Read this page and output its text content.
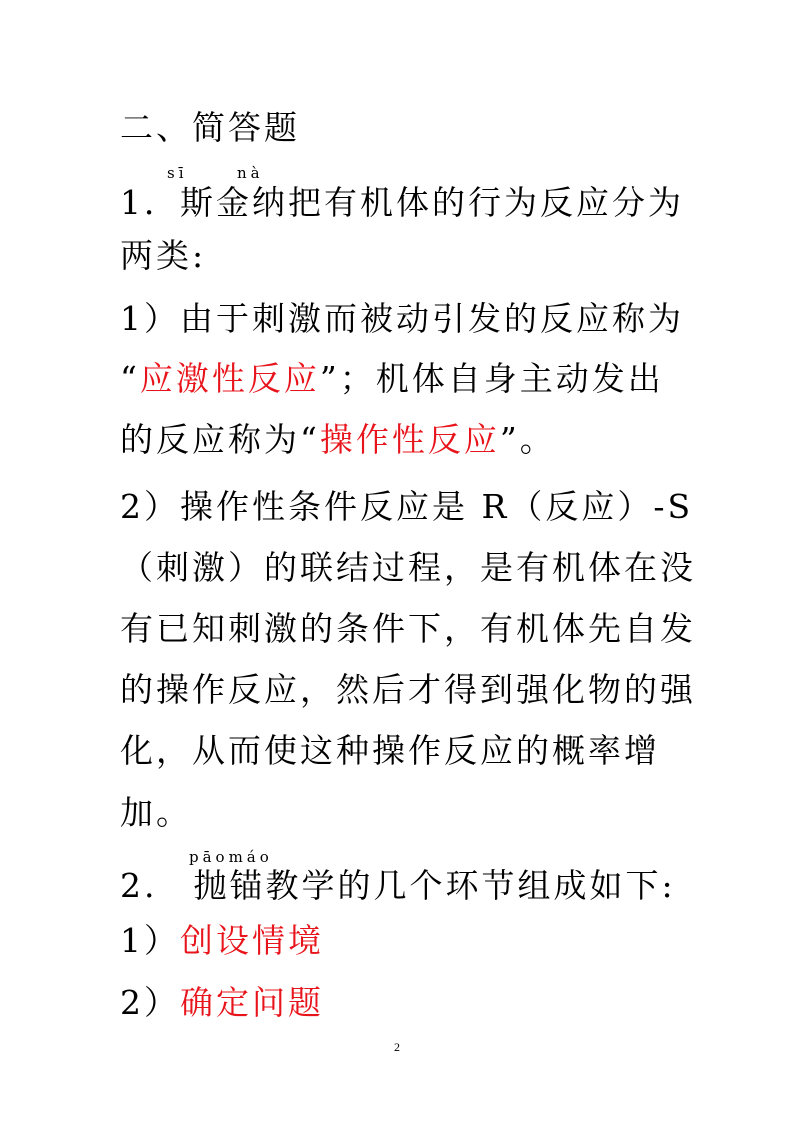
二、简答题

sī	nà

1．斯金纳把有机体的行为反应分为

两类:

1）由于刺激而被动引发的反应称为

“应激性反应”；机体自身主动发出

的反应称为“操作性反应”。

2）操作性条件反应是 R（反应）-S

（刺激）的联结过程，是有机体在没

有已知刺激的条件下，有机体先自发

的操作反应，然后才得到强化物的强

化，从而使这种操作反应的概率增

加。

pāomáo

2.　抛锚教学的几个环节组成如下:

1）创设情境

2）确定问题

2
